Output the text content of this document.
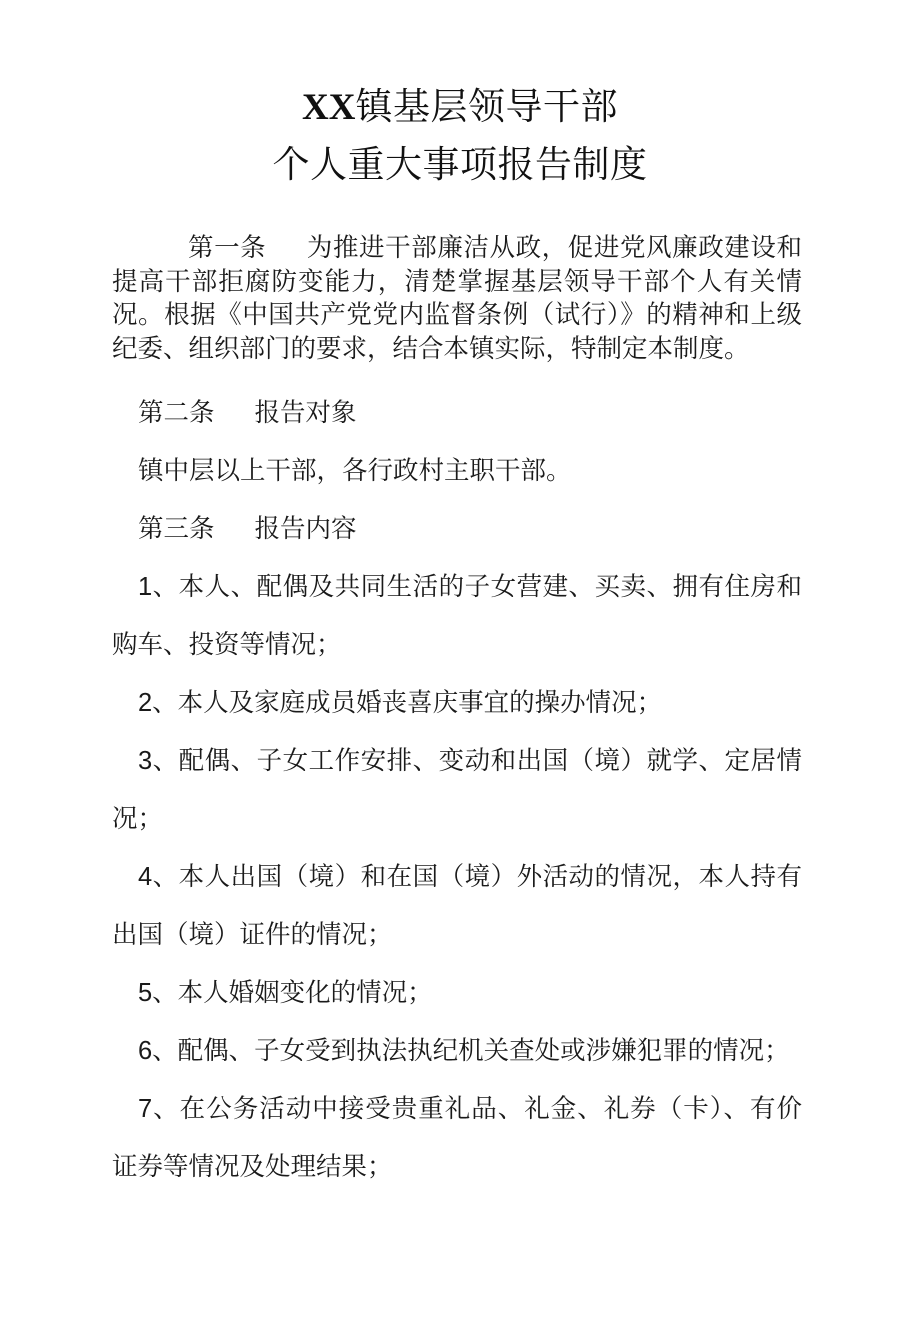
XX镇基层领导干部
个人重大事项报告制度

第一条 为推进干部廉洁从政，促进党风廉政建设和提高干部拒腐防变能力，清楚掌握基层领导干部个人有关情况。根据《中国共产党党内监督条例（试行）》的精神和上级纪委、组织部门的要求，结合本镇实际，特制定本制度。

第二条 报告对象

镇中层以上干部，各行政村主职干部。

第三条 报告内容

1、本人、配偶及共同生活的子女营建、买卖、拥有住房和购车、投资等情况；

2、本人及家庭成员婚丧喜庆事宜的操办情况；

3、配偶、子女工作安排、变动和出国（境）就学、定居情况；

4、本人出国（境）和在国（境）外活动的情况，本人持有出国（境）证件的情况；

5、本人婚姻变化的情况；

6、配偶、子女受到执法执纪机关查处或涉嫌犯罪的情况；

7、在公务活动中接受贵重礼品、礼金、礼券（卡）、有价证券等情况及处理结果；
